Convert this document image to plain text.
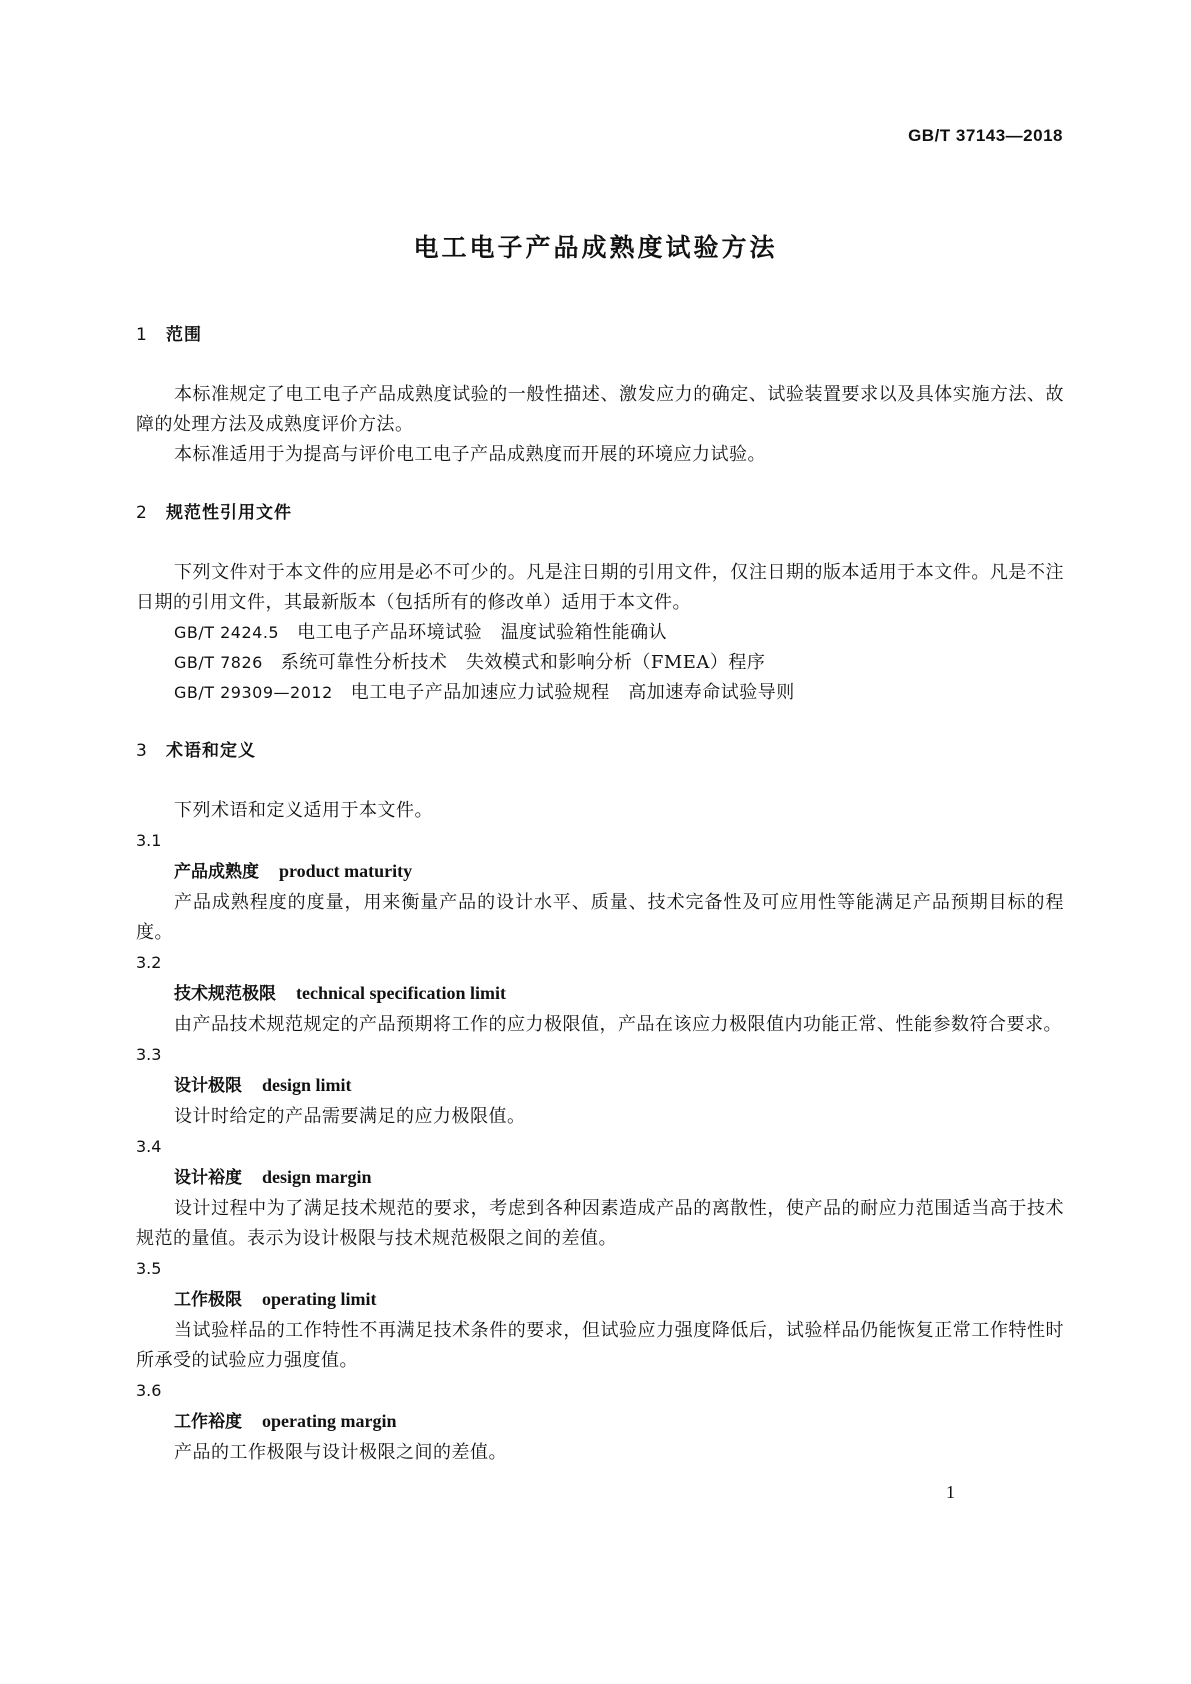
GB/T 37143—2018

电工电子产品成熟度试验方法
1 范围

本标准规定了电工电子产品成熟度试验的一般性描述、激发应力的确定、试验装置要求以及具体实施方法、故障的处理方法及成熟度评价方法。

本标准适用于为提高与评价电工电子产品成熟度而开展的环境应力试验。

2 规范性引用文件

下列文件对于本文件的应用是必不可少的。凡是注日期的引用文件，仅注日期的版本适用于本文件。凡是不注日期的引用文件，其最新版本（包括所有的修改单）适用于本文件。

GB/T 2424.5 电工电子产品环境试验　温度试验箱性能确认

GB/T 7826 系统可靠性分析技术　失效模式和影响分析（FMEA）程序

GB/T 29309—2012 电工电子产品加速应力试验规程　高加速寿命试验导则

3 术语和定义

下列术语和定义适用于本文件。

3.1

产品成熟度 product maturity

产品成熟程度的度量，用来衡量产品的设计水平、质量、技术完备性及可应用性等能满足产品预期目标的程度。

3.2

技术规范极限 technical specification limit

由产品技术规范规定的产品预期将工作的应力极限值，产品在该应力极限值内功能正常、性能参数符合要求。

3.3

设计极限 design limit

设计时给定的产品需要满足的应力极限值。

3.4

设计裕度 design margin

设计过程中为了满足技术规范的要求，考虑到各种因素造成产品的离散性，使产品的耐应力范围适当高于技术规范的量值。表示为设计极限与技术规范极限之间的差值。

3.5

工作极限 operating limit

当试验样品的工作特性不再满足技术条件的要求，但试验应力强度降低后，试验样品仍能恢复正常工作特性时所承受的试验应力强度值。

3.6

工作裕度 operating margin

产品的工作极限与设计极限之间的差值。

1
